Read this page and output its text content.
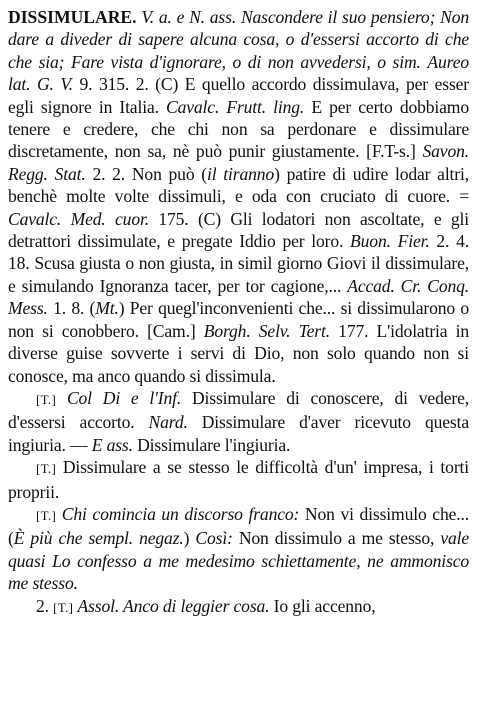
DISSIMULARE. V. a. e N. ass. Nascondere il suo pensiero; Non dare a diveder di sapere alcuna cosa, o d'essersi accorto di che che sia; Fare vista d'ignorare, o di non avvedersi, o sim. Aureo lat. G. V. 9. 315. 2. (C) E quello accordo dissimulava, per esser egli signore in Italia. Cavalc. Frutt. ling. E per certo dobbiamo tenere e credere, che chi non sa perdonare e dissimulare discretamente, non sa, nè può punir giustamente. [F.T-s.] Savon. Regg. Stat. 2. 2. Non può (il tiranno) patire di udire lodar altri, benchè molte volte dissimuli, e oda con cruciato di cuore. = Cavalc. Med. cuor. 175. (C) Gli lodatori non ascoltate, e gli detrattori dissimulate, e pregate Iddio per loro. Buon. Fier. 2. 4. 18. Scusa giusta o non giusta, in simil giorno Giovi il dissimulare, e simulando Ignoranza tacer, per tor cagione,... Accad. Cr. Conq. Mess. 1. 8. (Mt.) Per quegl'inconvenienti che... si dissimularono o non si conobbero. [Cam.] Borgh. Selv. Tert. 177. L'idolatria in diverse guise sovverte i servi di Dio, non solo quando non si conosce, ma anco quando si dissimula.

[T.] Col Di e l'Inf. Dissimulare di conoscere, di vedere, d'essersi accorto. Nard. Dissimulare d'aver ricevuto questa ingiuria. — E ass. Dissimulare l'ingiuria.

[T.] Dissimulare a se stesso le difficoltà d'un' impresa, i torti proprii.

[T.] Chi comincia un discorso franco: Non vi dissimulo che... (È più che sempl. negaz.) Così: Non dissimulo a me stesso, vale quasi Lo confesso a me medesimo schiettamente, ne ammonisco me stesso.

2. [T.] Assol. Anco di leggier cosa. Io gli accenno,
